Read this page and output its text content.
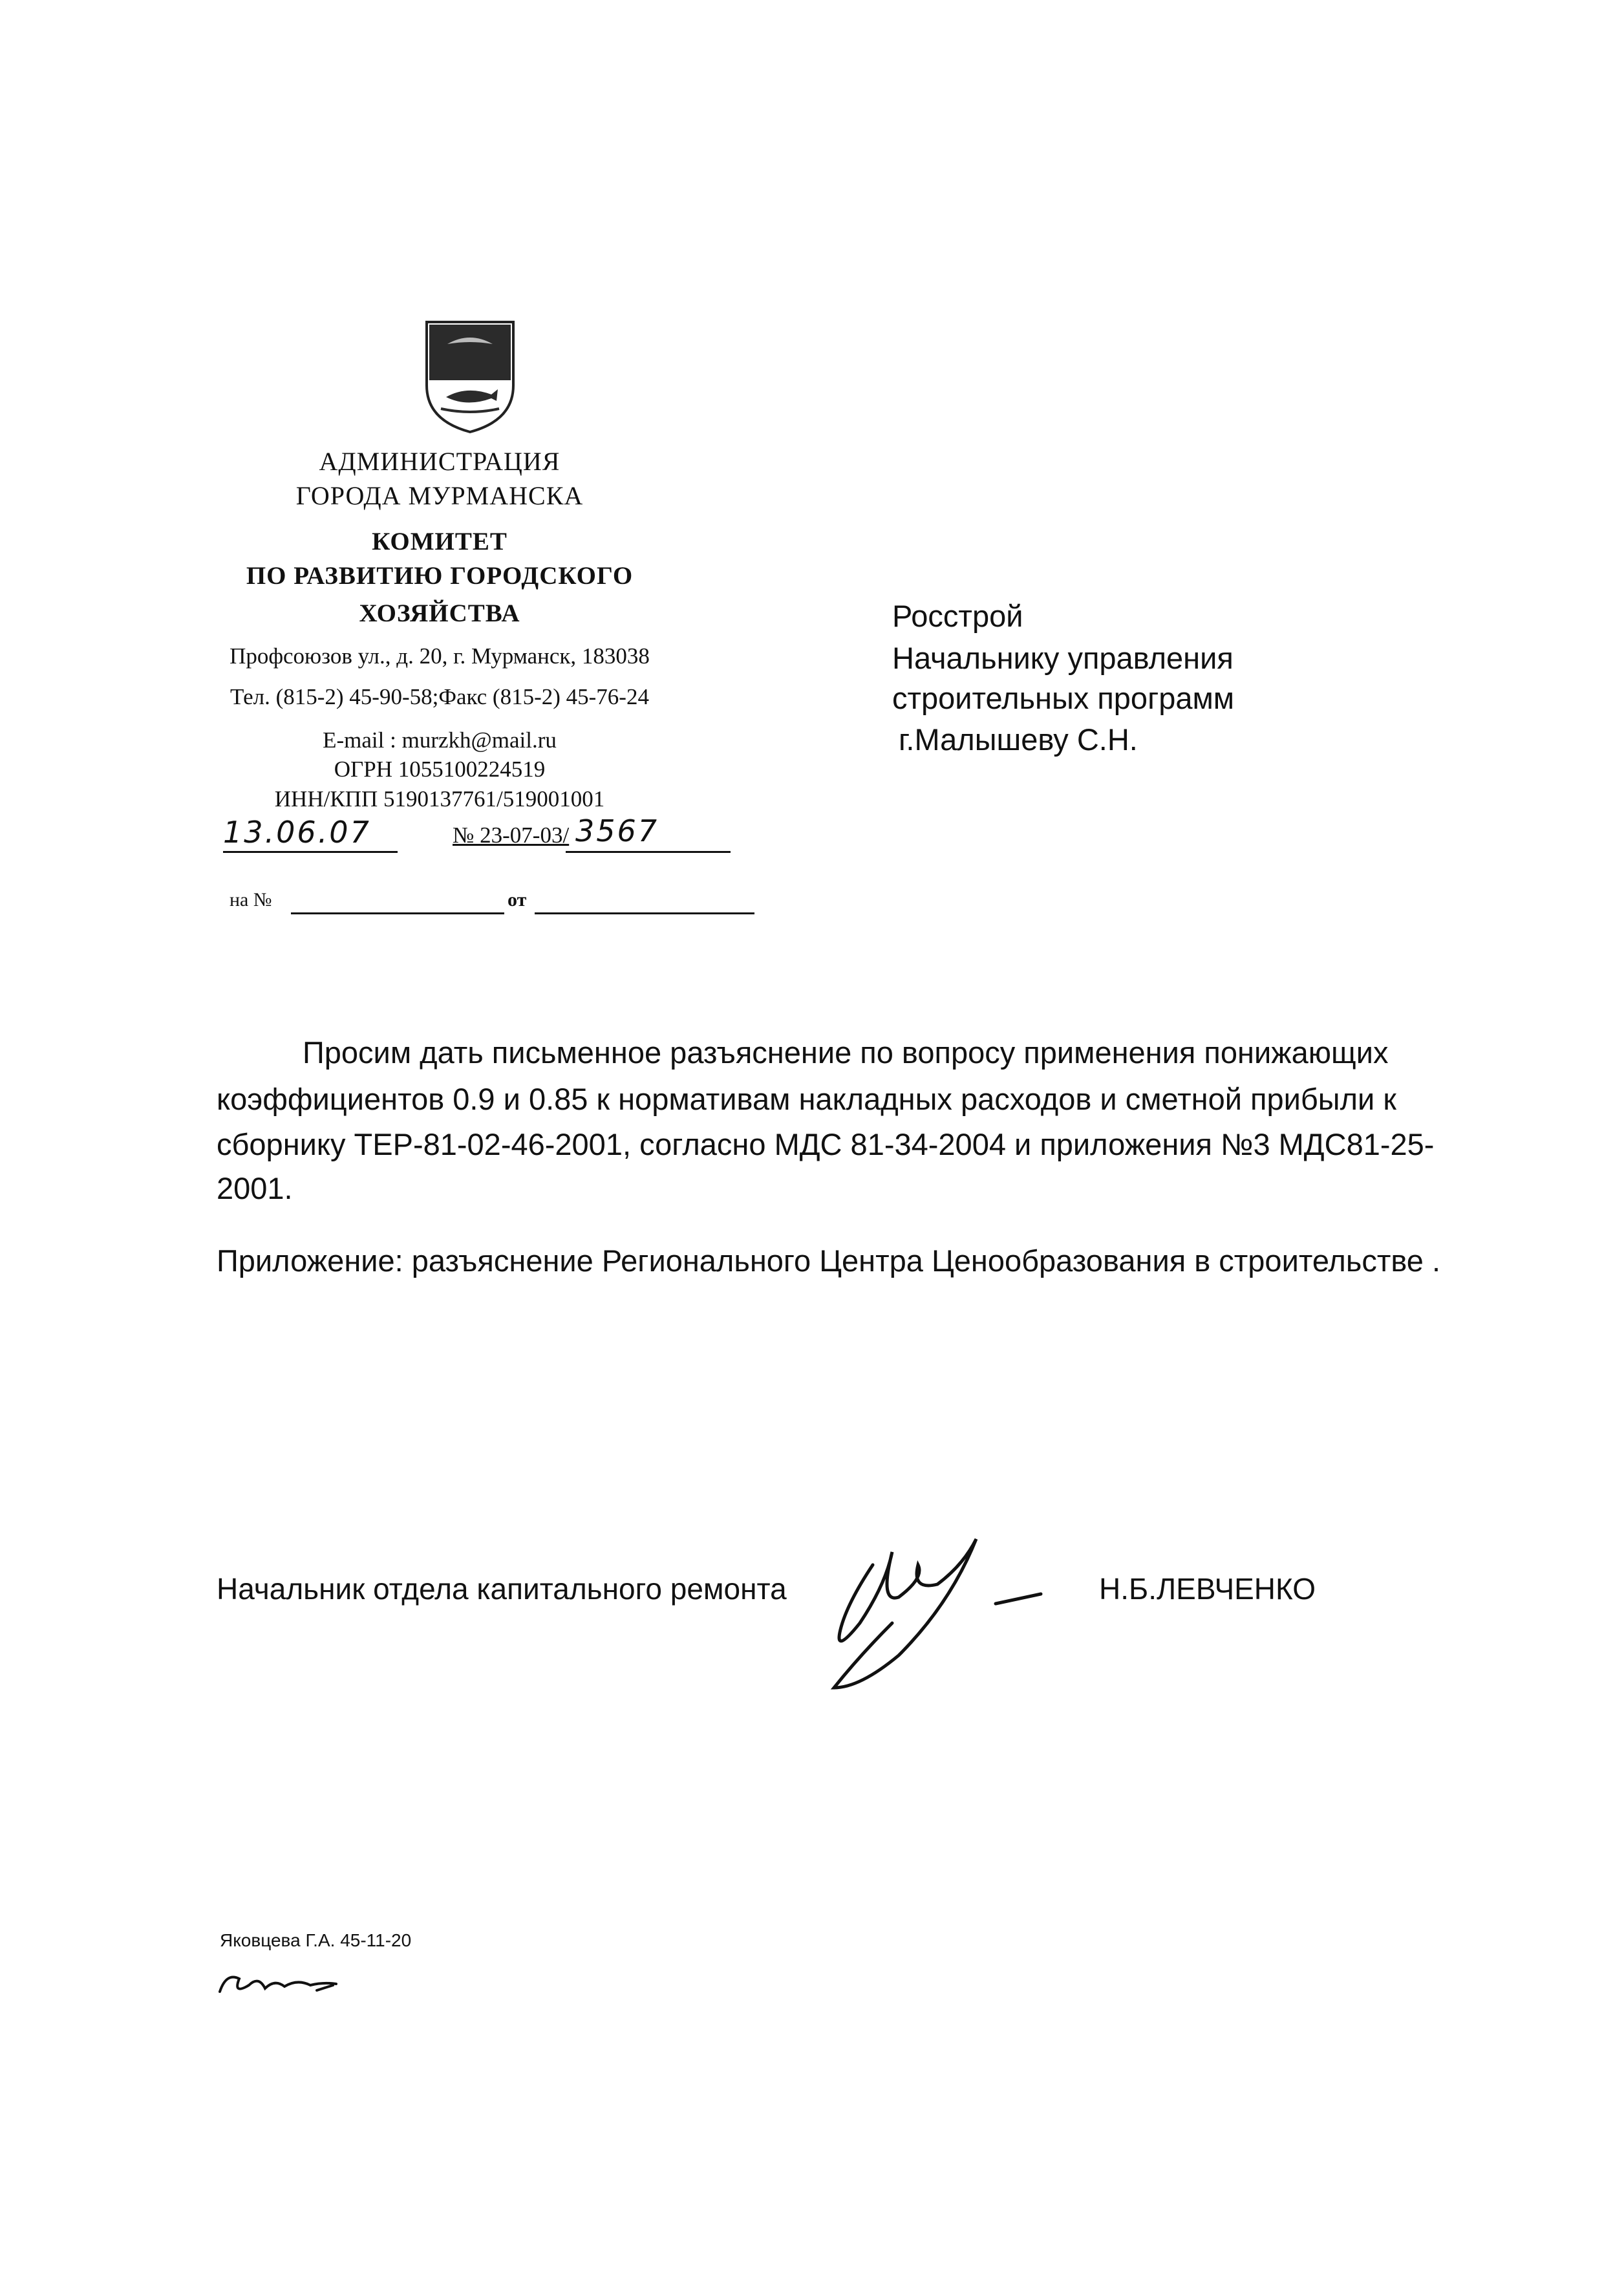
АДМИНИСТРАЦИЯ
ГОРОДА МУРМАНСКА
КОМИТЕТ
ПО РАЗВИТИЮ ГОРОДСКОГО
ХОЗЯЙСТВА
Профсоюзов ул., д. 20, г. Мурманск, 183038
Тел. (815-2) 45-90-58;Факс (815-2) 45-76-24
E-mail : murzkh@mail.ru
ОГРН 1055100224519
ИНН/КПП 5190137761/519001001
13.06.07	№ 23-07-03/ 3567
на №	от
Росстрой
Начальнику управления
строительных программ
г.Малышеву С.Н.
Просим дать письменное разъяснение по вопросу применения понижающих
коэффициентов 0.9 и 0.85 к нормативам накладных расходов и сметной прибыли к
сборнику ТЕР-81-02-46-2001, согласно МДС 81-34-2004 и приложения №3 МДС81-25-
2001.
Приложение: разъяснение Регионального Центра Ценообразования в строительстве .
Начальник отдела капитального ремонта	Н.Б.ЛЕВЧЕНКО
Яковцева Г.А. 45-11-20
